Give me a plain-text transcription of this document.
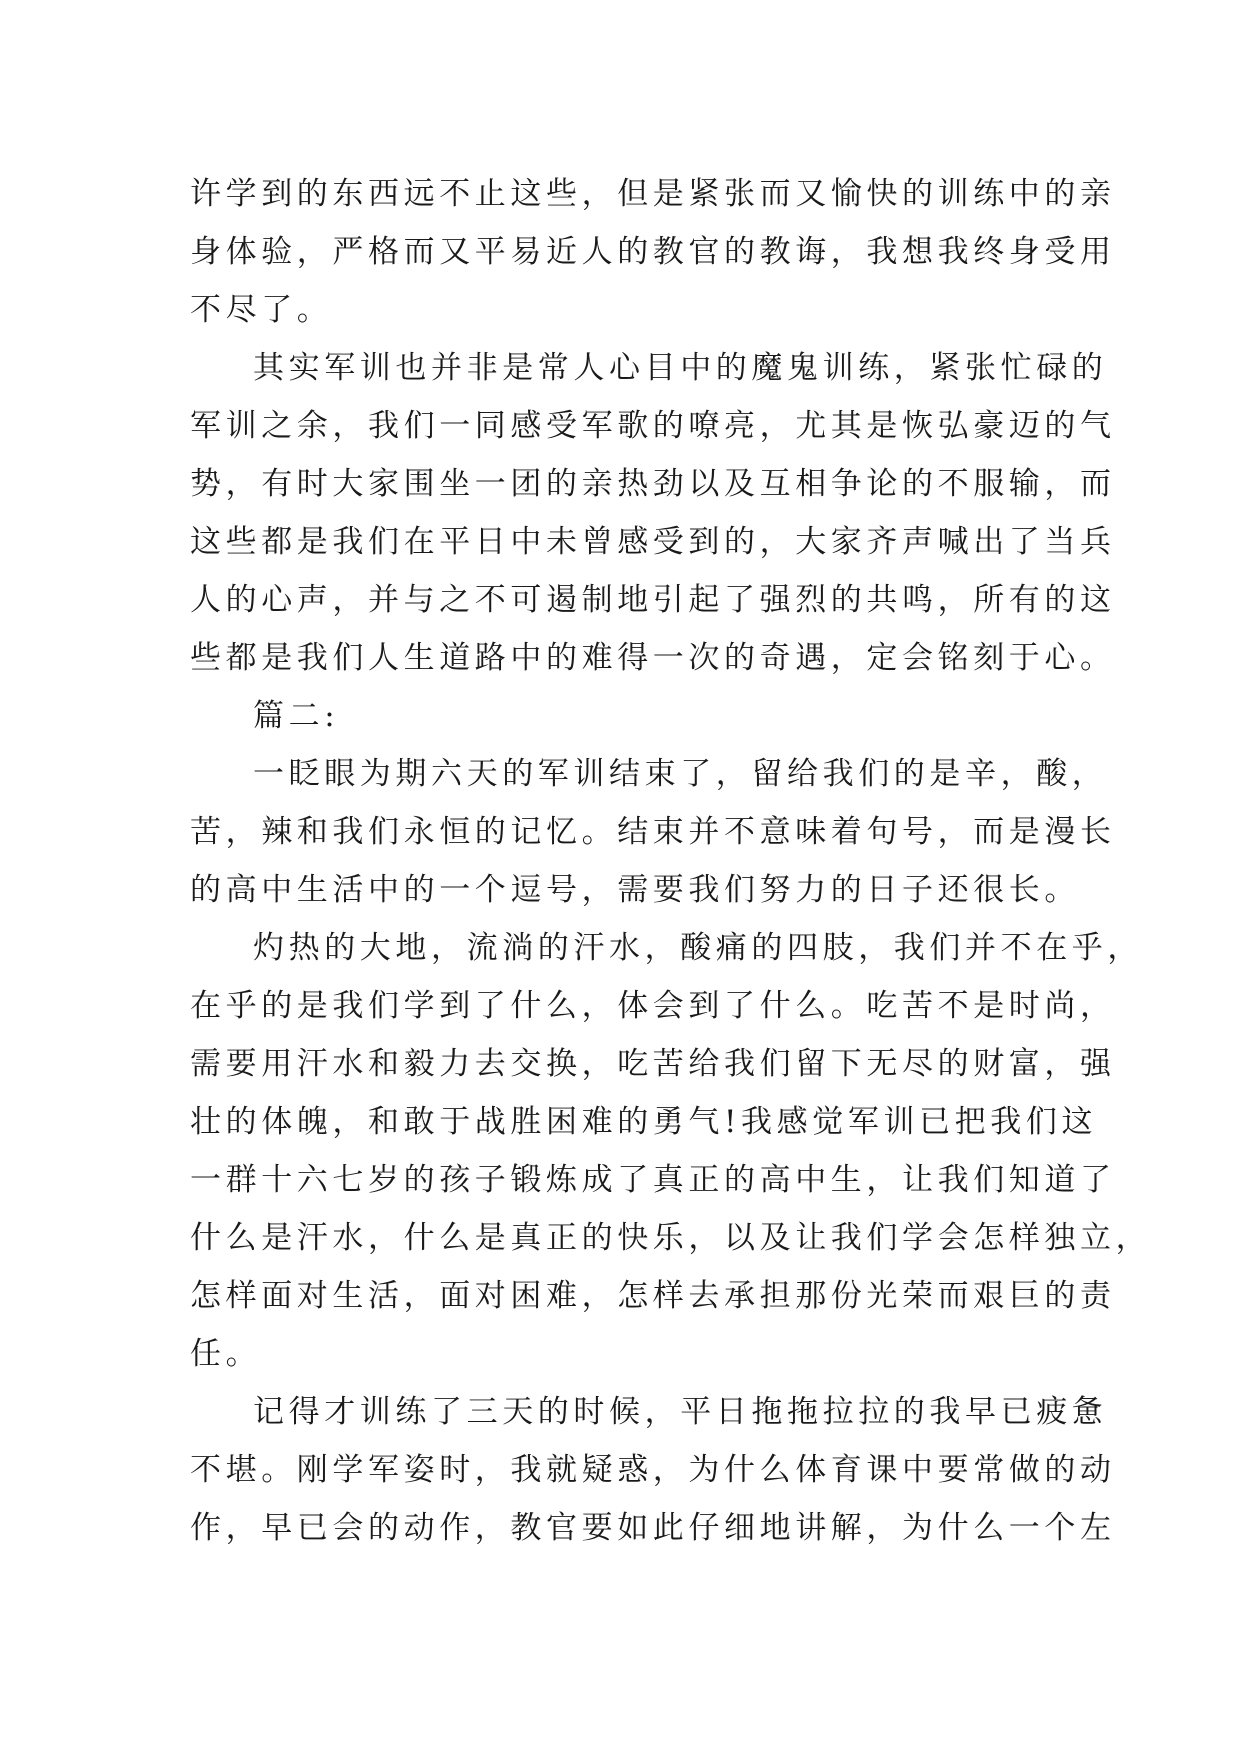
许学到的东西远不止这些，但是紧张而又愉快的训练中的亲
身体验，严格而又平易近人的教官的教诲，我想我终身受用
不尽了。
其实军训也并非是常人心目中的魔鬼训练，紧张忙碌的
军训之余，我们一同感受军歌的嘹亮，尤其是恢弘豪迈的气
势，有时大家围坐一团的亲热劲以及互相争论的不服输，而
这些都是我们在平日中未曾感受到的，大家齐声喊出了当兵
人的心声，并与之不可遏制地引起了强烈的共鸣，所有的这
些都是我们人生道路中的难得一次的奇遇，定会铭刻于心。
篇二:
一眨眼为期六天的军训结束了，留给我们的是辛，酸，
苦，辣和我们永恒的记忆。结束并不意味着句号，而是漫长
的高中生活中的一个逗号，需要我们努力的日子还很长。
灼热的大地，流淌的汗水，酸痛的四肢，我们并不在乎，
在乎的是我们学到了什么，体会到了什么。吃苦不是时尚，
需要用汗水和毅力去交换，吃苦给我们留下无尽的财富，强
壮的体魄，和敢于战胜困难的勇气!我感觉军训已把我们这
一群十六七岁的孩子锻炼成了真正的高中生，让我们知道了
什么是汗水，什么是真正的快乐，以及让我们学会怎样独立，
怎样面对生活，面对困难，怎样去承担那份光荣而艰巨的责
任。
记得才训练了三天的时候，平日拖拖拉拉的我早已疲惫
不堪。刚学军姿时，我就疑惑，为什么体育课中要常做的动
作，早已会的动作，教官要如此仔细地讲解，为什么一个左
